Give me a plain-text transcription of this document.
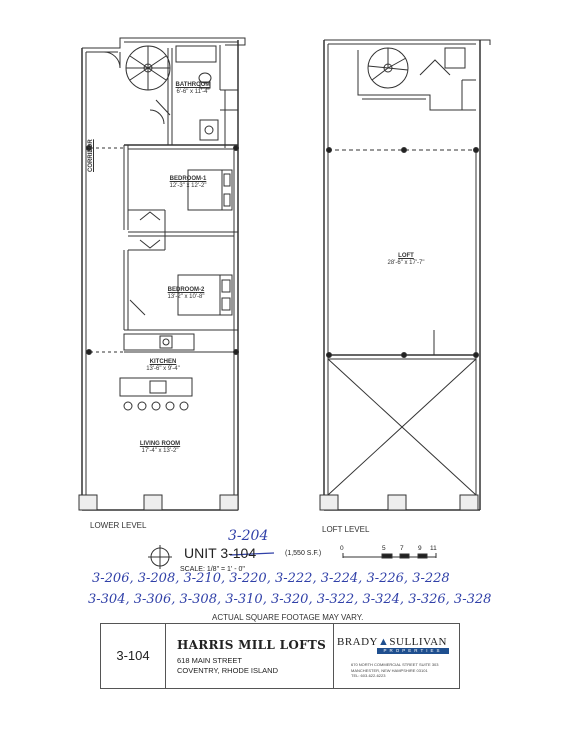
BATHROOM
6'-6" x 11'-4"
CORRIDOR
BEDROOM-1
12'-3" x 12'-2"
BEDROOM-2
13'-2" x 10'-8"
KITCHEN
13'-6" x 9'-4"
LIVING ROOM
17'-4" x 13'-2"
LOFT
28'-6" x 17'-7"
LOWER LEVEL	LOFT LEVEL
3-204
UNIT 3-104	(1,550 S.F.)
SCALE: 1/8" = 1' - 0"
0	5 7 9 11
3-206, 3-208, 3-210, 3-220, 3-222, 3-224, 3-226, 3-228
3-304, 3-306, 3-308, 3-310, 3-320, 3-322, 3-324, 3-326, 3-328
ACTUAL SQUARE FOOTAGE MAY VARY.
3-104
HARRIS MILL LOFTS
618 MAIN STREET
COVENTRY, RHODE ISLAND
BRADY▲SULLIVAN
PROPERTIES
670 NORTH COMMERCIAL STREET SUITE 303
MANCHESTER, NEW HAMPSHIRE 03101
TEL: 603-622-6223
